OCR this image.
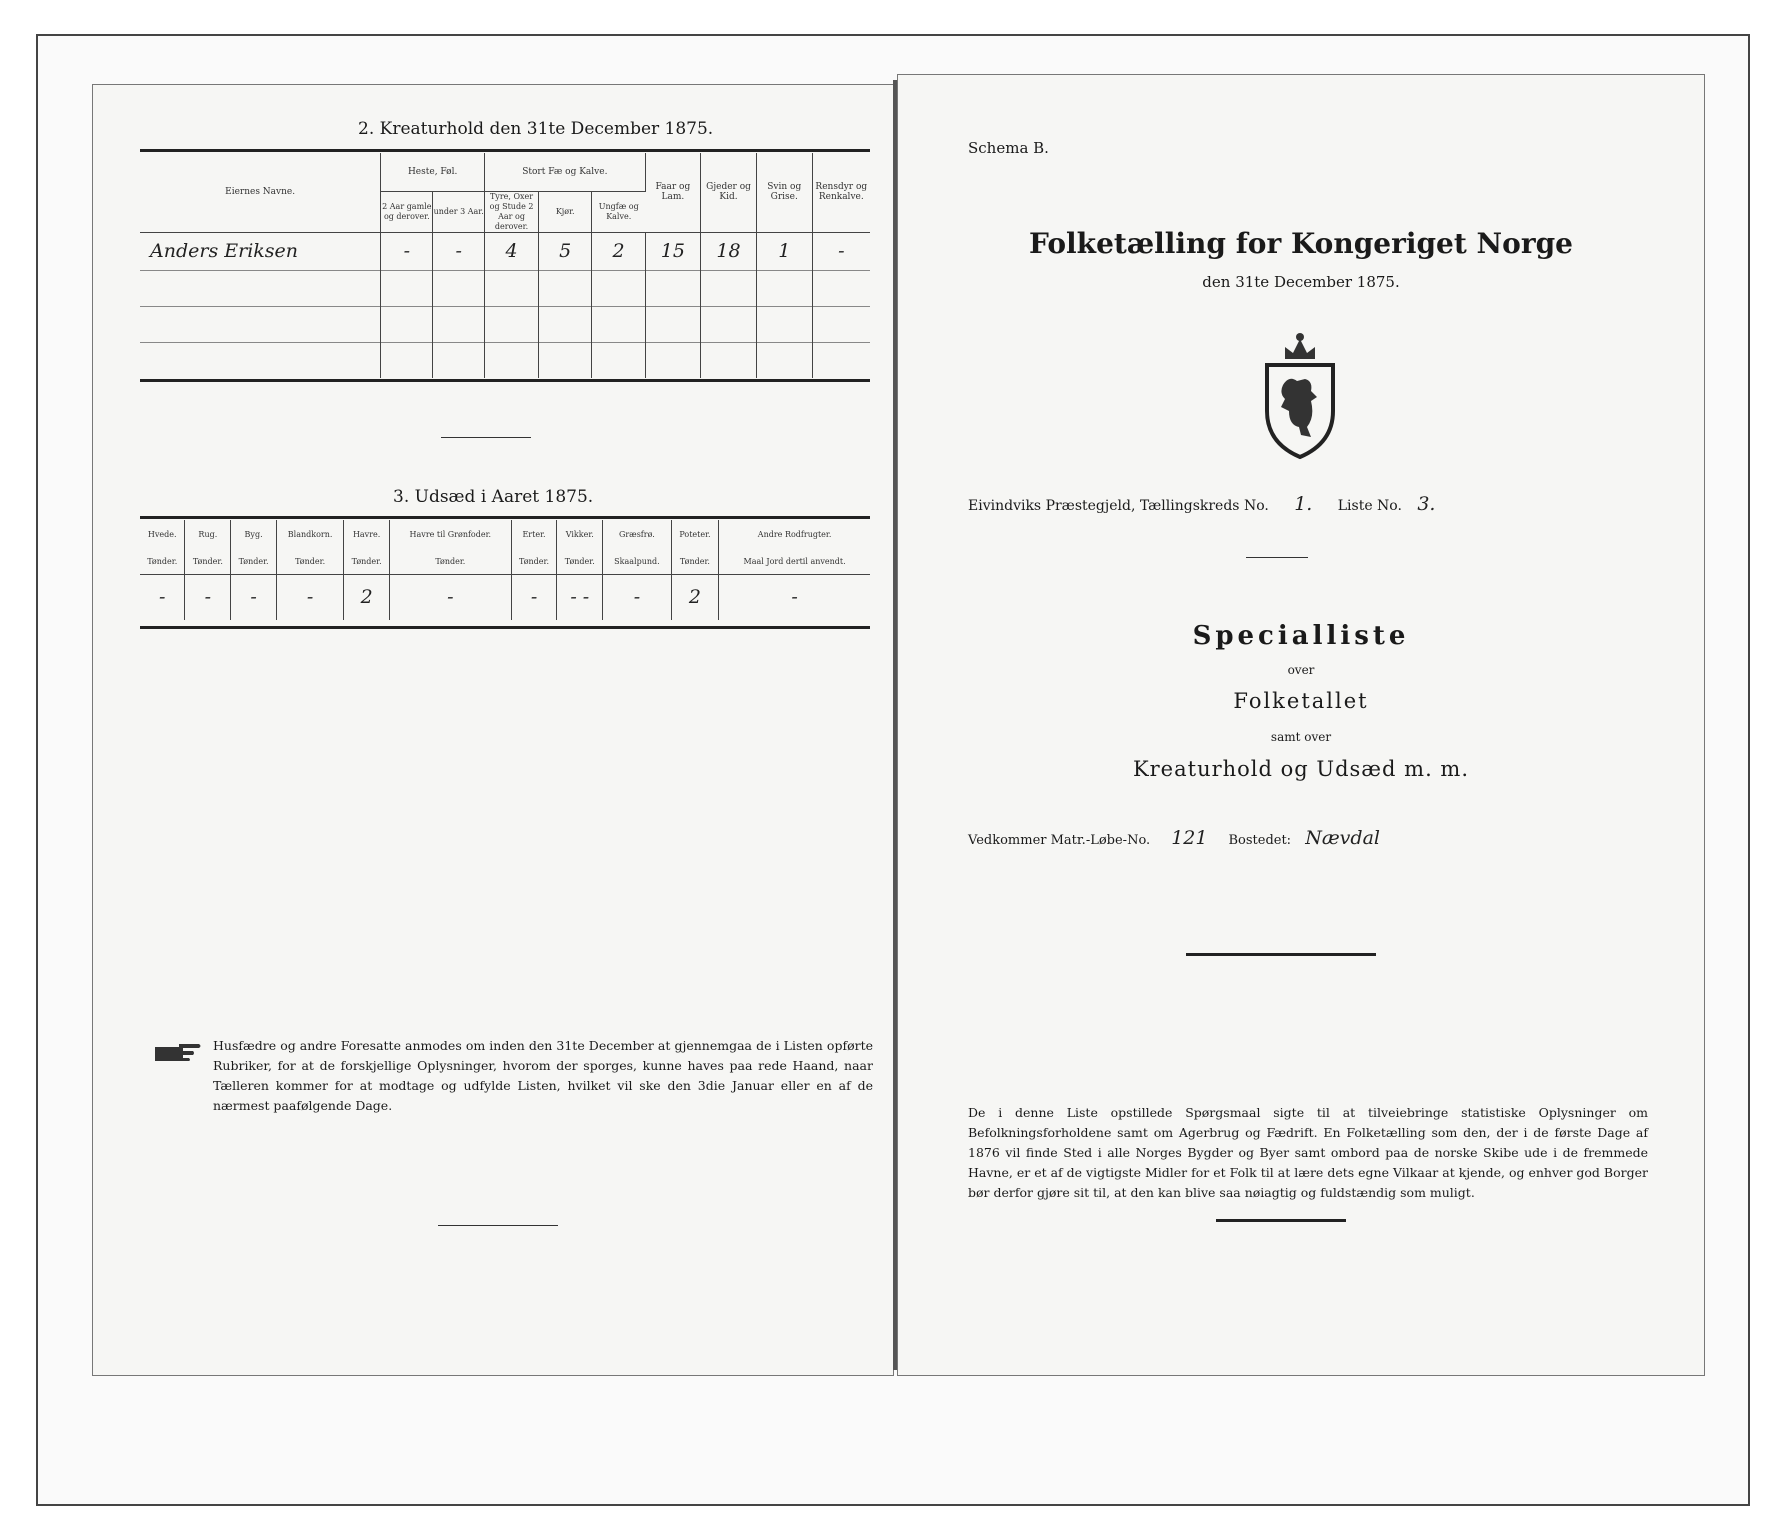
2. Kreaturhold den 31te December 1875.
Eiernes Navne.	Heste, Føl.		Stort Fæ og Kalve.			Faar og Lam.	Gjeder og Kid.	Svin og Grise.	Rensdyr og Renkalve.
	2 Aar gamle og derover.	under 3 Aar.	Tyre, Oxer og Stude 2 Aar og derover.	Kjør.	Ungfæ og Kalve.				
Anders Eriksen	-	-	4	5	2	15	18	1	-

3. Udsæd i Aaret 1875.
Hvede.	Rug.	Byg.	Blandkorn.	Havre.	Havre til Grønfoder.	Erter.	Vikker.	Græsfrø.	Poteter.	Andre Rodfrugter.
Tønder.	Tønder.	Tønder.	Tønder.	Tønder.	Tønder.	Tønder.	Tønder.	Skaalpund.	Tønder.	Maal Jord dertil anvendt.
-	-	-	-	2	-	-	- -	-	2	-
Husfædre og andre Foresatte anmodes om inden den 31te December at gjennemgaa de i Listen opførte Rubriker, for at de forskjellige Oplysninger, hvorom der sporges, kunne haves paa rede Haand, naar Tælleren kommer for at modtage og udfylde Listen, hvilket vil ske den 3die Januar eller en af de nærmest paafølgende Dage.
Schema B.
Folketælling for Kongeriget Norge
den 31te December 1875.
Eivindviks Præstegjeld, Tællingskreds No. 1. Liste No. 3.
Specialliste
over
Folketallet
samt over
Kreaturhold og Udsæd m. m.
Vedkommer Matr.-Løbe-No. 121 Bostedet: Nævdal
De i denne Liste opstillede Spørgsmaal sigte til at tilveiebringe statistiske Oplysninger om Befolkningsforholdene samt om Agerbrug og Fædrift. En Folketælling som den, der i de første Dage af 1876 vil finde Sted i alle Norges Bygder og Byer samt ombord paa de norske Skibe ude i de fremmede Havne, er et af de vigtigste Midler for et Folk til at lære dets egne Vilkaar at kjende, og enhver god Borger bør derfor gjøre sit til, at den kan blive saa nøiagtig og fuldstændig som muligt.
